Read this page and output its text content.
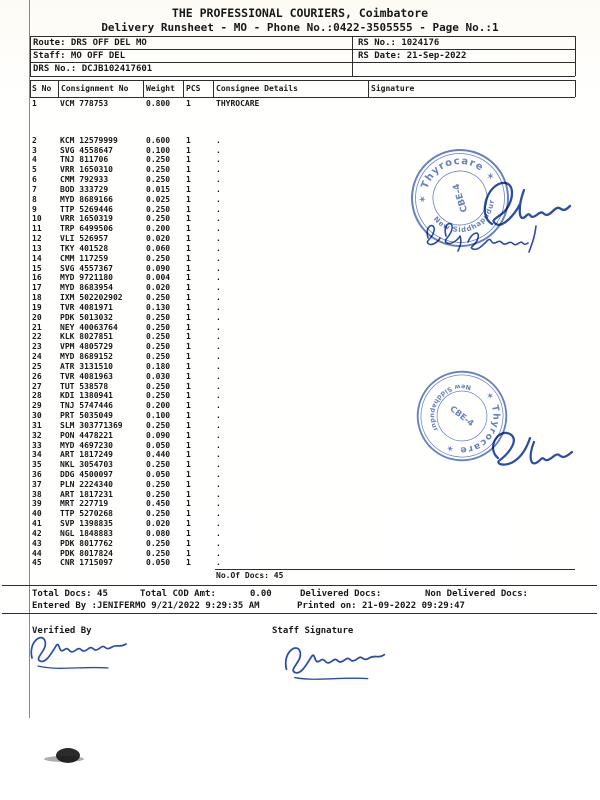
THE PROFESSIONAL COURIERS, Coimbatore
Delivery Runsheet - MO - Phone No.:0422-3505555 - Page No.:1
Route: DRS OFF DEL MO
Staff: MO OFF DEL
DRS No.: DCJB102417601
RS No.: 1024176
RS Date: 21-Sep-2022
S No Consignment No Weight PCS Consignee Details	Signature
1	VCM 778753	0.800 1	THYROCARE
2	KCM 12579999	0.600 1	.
3	SVG 4558647	0.100 1	.
4	TNJ 811706	0.250 1	.
5	VRR 1650310	0.250 1	.
6	CMM 792933	0.250 1	.
7	BOD 333729	0.015 1	.
8	MYD 8689166	0.025 1	.
9	TTP 5269446	0.250 1	.
10 VRR 1650319	0.250 1	.
11 TRP 6499506	0.200 1	.
12 VLI 526957	0.020 1	.
13 TKY 401528	0.060 1	.
14 CMM 117259	0.250 1	.
15 SVG 4557367	0.090 1	.
16 MYD 9721180	0.004 1	.
17 MYD 8683954	0.020 1	.
18 IXM 502202902	0.250 1	.
19 TVR 4081971	0.130 1	.
20 PDK 5013032	0.250 1	.
21 NEY 40063764	0.250 1	.
22 KLK 8027851	0.250 1	.
23 VPM 4805729	0.250 1	.
24 MYD 8689152	0.250 1	.
25 ATR 3131510	0.180 1	.
26 TVR 4081963	0.030 1	.
27 TUT 538578	0.250 1	.
28 KDI 1380941	0.250 1	.
29 TNJ 5747446	0.200 1	.
30 PRT 5035049	0.100 1	.
31 SLM 303771369	0.250 1	.
32 PON 4478221	0.090 1	.
33 MYD 4697230	0.050 1	.
34 ART 1817249	0.440 1	.
35 NKL 3054703	0.250 1	.
36 DDG 4500097	0.050 1	.
37 PLN 2224340	0.250 1	.
38 ART 1817231	0.250 1	.
39 MRT 227719	0.450 1	.
40 TTP 5270268	0.250 1	.
41 SVP 1398835	0.020 1	.
42 NGL 1848883	0.080 1	.
43 PDK 8017762	0.250 1	.
44 PDK 8017824	0.250 1	.
45 CNR 1715097	0.050 1	.
No.Of Docs: 45
Total Docs: 45	Total COD Amt:	0.00	Delivered Docs:	Non Delivered Docs:
Entered By :JENIFERMO 9/21/2022 9:29:35 AM	Printed on: 21-09-2022 09:29:47
Verified By	Staff Signature
✶ Thyrocare ✶
New Siddhapudur
CBE-4
✶ Thyrocare ✶
New Siddhapudur
CBE-4
